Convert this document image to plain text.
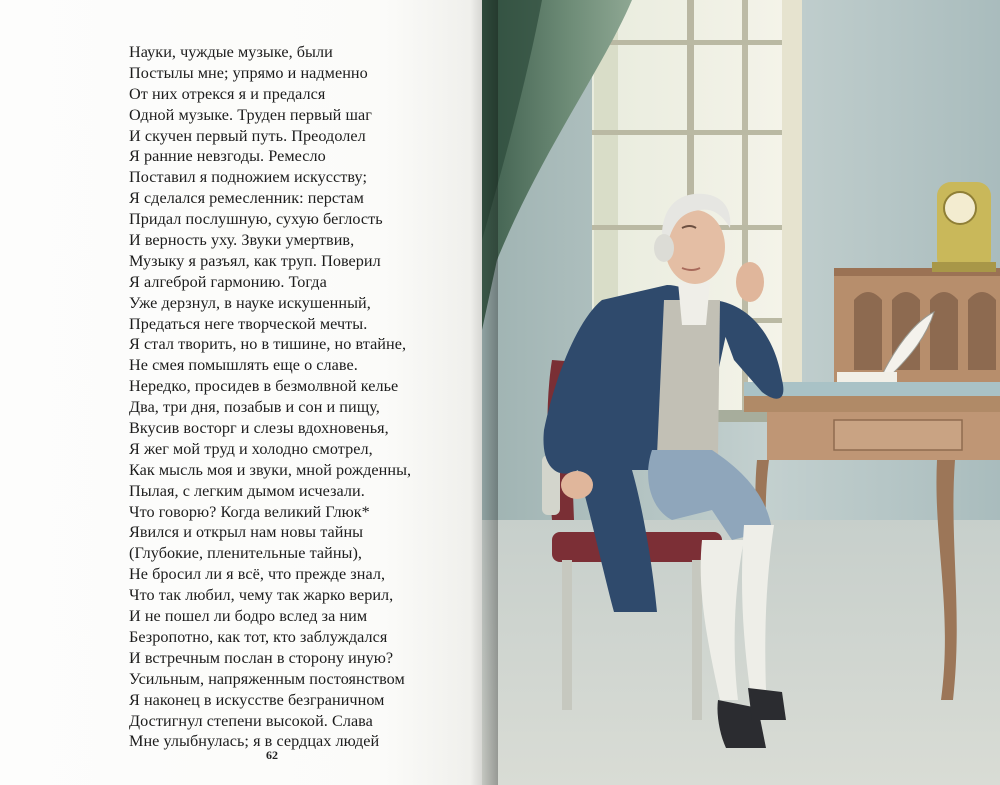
Науки, чуждые музыке, были
Постылы мне; упрямо и надменно
От них отрекся я и предался
Одной музыке. Труден первый шаг
И скучен первый путь. Преодолел
Я ранние невзгоды. Ремесло
Поставил я подножием искусству;
Я сделался ремесленник: перстам
Придал послушную, сухую беглость
И верность уху. Звуки умертвив,
Музыку я разъял, как труп. Поверил
Я алгеброй гармонию. Тогда
Уже дерзнул, в науке искушенный,
Предаться неге творческой мечты.
Я стал творить, но в тишине, но втайне,
Не смея помышлять еще о славе.
Нередко, просидев в безмолвной келье
Два, три дня, позабыв и сон и пищу,
Вкусив восторг и слезы вдохновенья,
Я жег мой труд и холодно смотрел,
Как мысль моя и звуки, мной рожденны,
Пылая, с легким дымом исчезали.
Что говорю? Когда великий Глюк*
Явился и открыл нам новы тайны
(Глубокие, пленительные тайны),
Не бросил ли я всё, что прежде знал,
Что так любил, чему так жарко верил,
И не пошел ли бодро вслед за ним
Безропотно, как тот, кто заблуждался
И встречным послан в сторону иную?
Усильным, напряженным постоянством
Я наконец в искусстве безграничном
Достигнул степени высокой. Слава
Мне улыбнулась; я в сердцах людей
62
